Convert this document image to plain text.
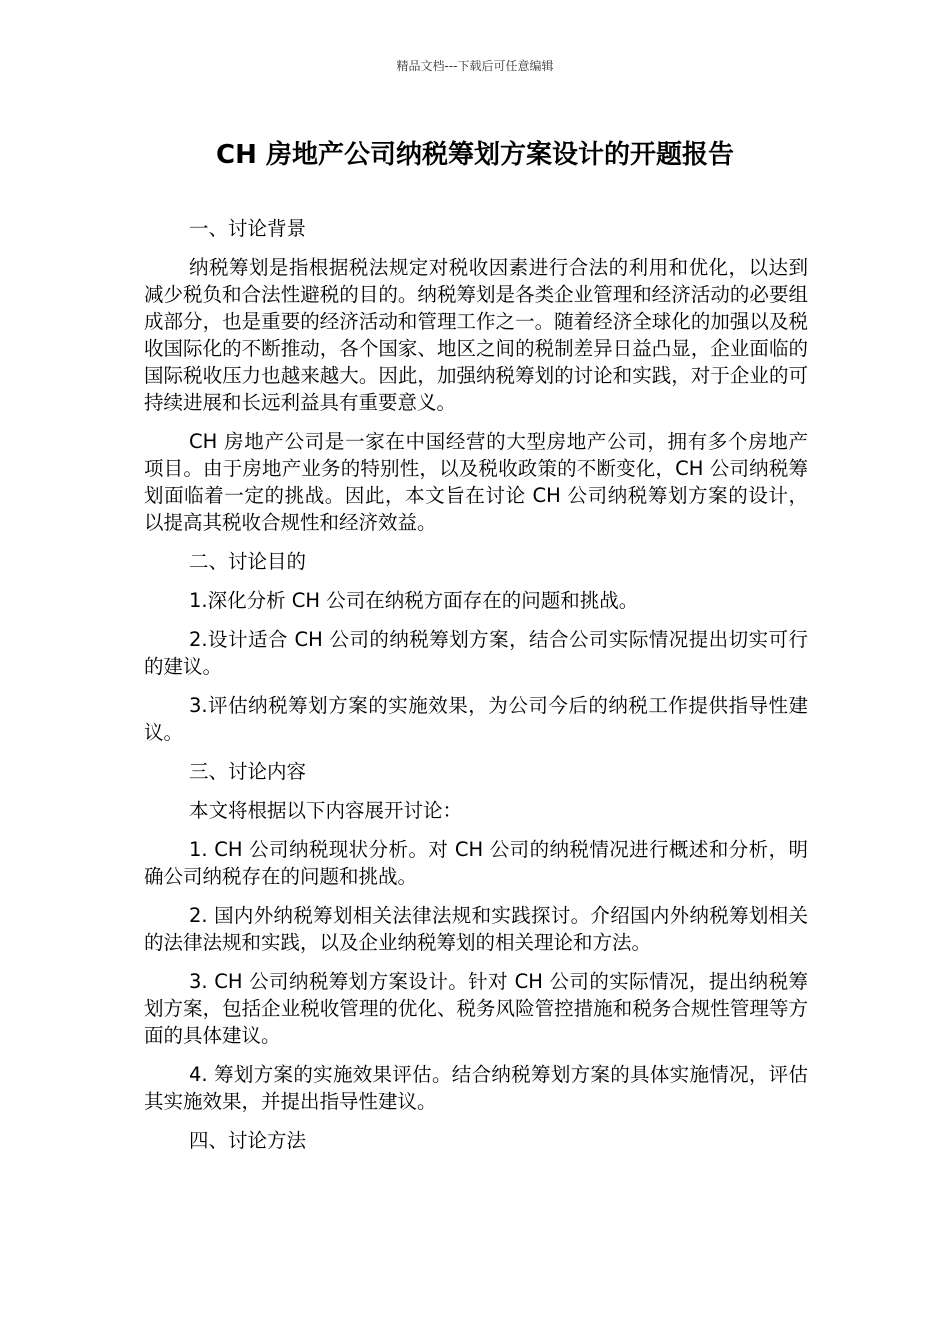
精品文档---下载后可任意编辑
CH 房地产公司纳税筹划方案设计的开题报告

一、讨论背景

纳税筹划是指根据税法规定对税收因素进行合法的利用和优化，以达到减少税负和合法性避税的目的。纳税筹划是各类企业管理和经济活动的必要组成部分，也是重要的经济活动和管理工作之一。随着经济全球化的加强以及税收国际化的不断推动，各个国家、地区之间的税制差异日益凸显，企业面临的国际税收压力也越来越大。因此，加强纳税筹划的讨论和实践，对于企业的可持续进展和长远利益具有重要意义。

CH 房地产公司是一家在中国经营的大型房地产公司，拥有多个房地产项目。由于房地产业务的特别性，以及税收政策的不断变化，CH 公司纳税筹划面临着一定的挑战。因此，本文旨在讨论 CH 公司纳税筹划方案的设计，以提高其税收合规性和经济效益。

二、讨论目的

1.深化分析 CH 公司在纳税方面存在的问题和挑战。

2.设计适合 CH 公司的纳税筹划方案，结合公司实际情况提出切实可行的建议。

3.评估纳税筹划方案的实施效果，为公司今后的纳税工作提供指导性建议。

三、讨论内容

本文将根据以下内容展开讨论：

1. CH 公司纳税现状分析。对 CH 公司的纳税情况进行概述和分析，明确公司纳税存在的问题和挑战。

2. 国内外纳税筹划相关法律法规和实践探讨。介绍国内外纳税筹划相关的法律法规和实践，以及企业纳税筹划的相关理论和方法。

3. CH 公司纳税筹划方案设计。针对 CH 公司的实际情况，提出纳税筹划方案，包括企业税收管理的优化、税务风险管控措施和税务合规性管理等方面的具体建议。

4. 筹划方案的实施效果评估。结合纳税筹划方案的具体实施情况，评估其实施效果，并提出指导性建议。

四、讨论方法
